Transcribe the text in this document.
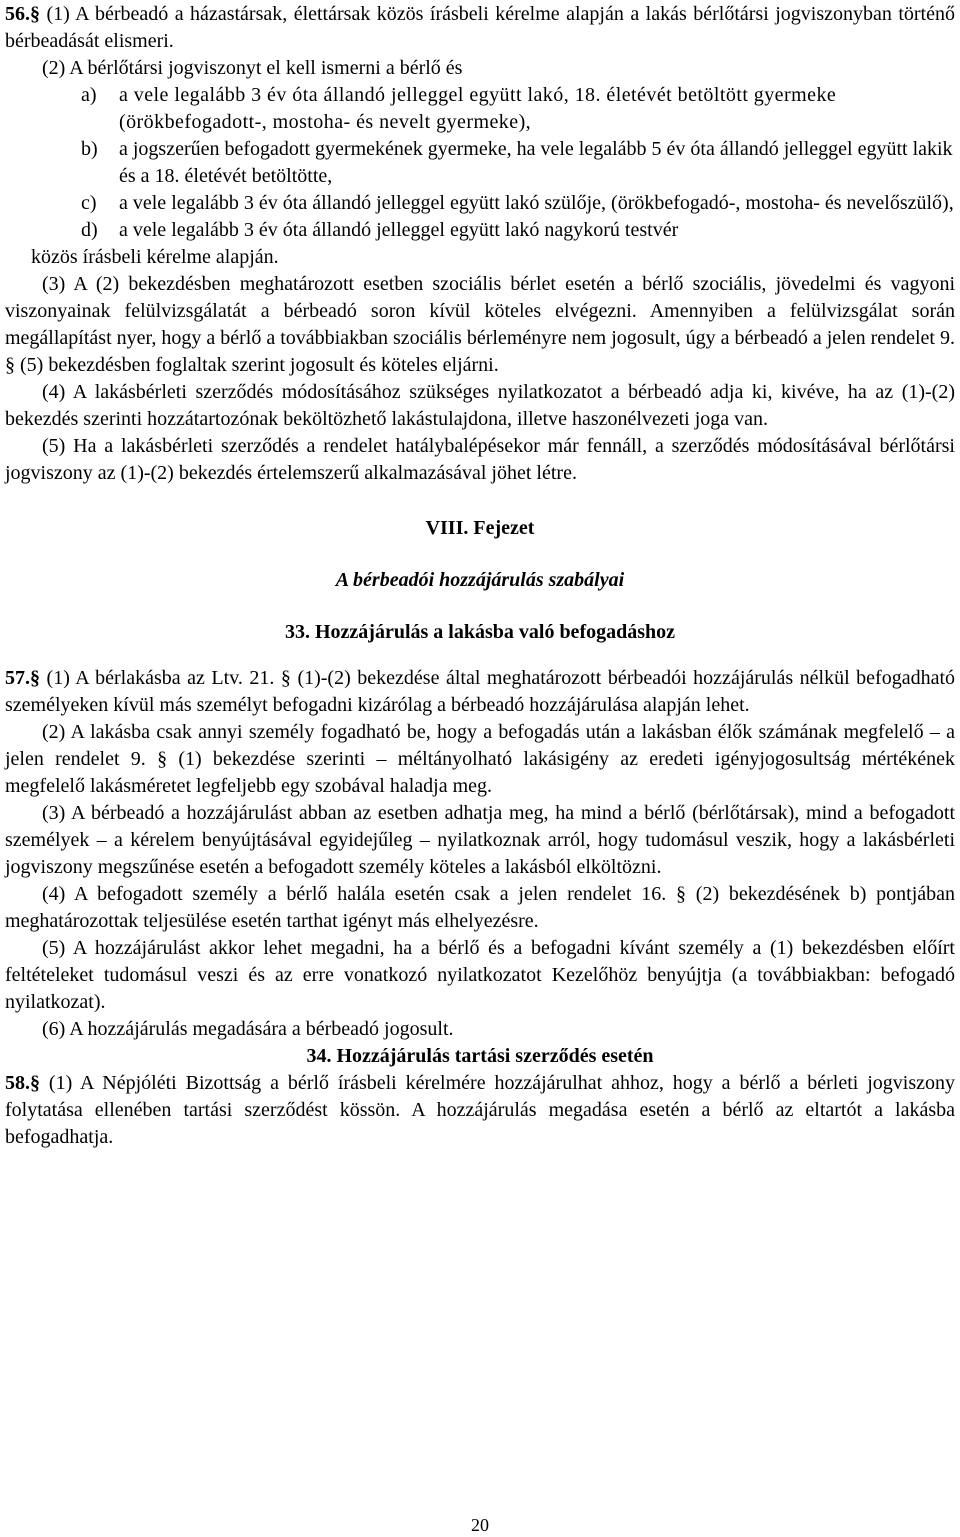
56.§ (1) A bérbeadó a házastársak, élettársak közös írásbeli kérelme alapján a lakás bérlőtársi jogviszonyban történő bérbeadását elismeri.

(2) A bérlőtársi jogviszonyt el kell ismerni a bérlő és

a)	a vele legalább 3 év óta állandó jelleggel együtt lakó, 18. életévét betöltött gyermeke (örökbefogadott-, mostoha- és nevelt gyermeke),
b)	a jogszerűen befogadott gyermekének gyermeke, ha vele legalább 5 év óta állandó jelleggel együtt lakik és a 18. életévét betöltötte,
c)	a vele legalább 3 év óta állandó jelleggel együtt lakó szülője, (örökbefogadó-, mostoha- és nevelőszülő),
d)	a vele legalább 3 év óta állandó jelleggel együtt lakó nagykorú testvér

közös írásbeli kérelme alapján.

(3) A (2) bekezdésben meghatározott esetben szociális bérlet esetén a bérlő szociális, jövedelmi és vagyoni viszonyainak felülvizsgálatát a bérbeadó soron kívül köteles elvégezni. Amennyiben a felülvizsgálat során megállapítást nyer, hogy a bérlő a továbbiakban szociális bérleményre nem jogosult, úgy a bérbeadó a jelen rendelet 9. § (5) bekezdésben foglaltak szerint jogosult és köteles eljárni.

(4) A lakásbérleti szerződés módosításához szükséges nyilatkozatot a bérbeadó adja ki, kivéve, ha az (1)-(2) bekezdés szerinti hozzátartozónak beköltözhető lakástulajdona, illetve haszonélvezeti joga van.

(5) Ha a lakásbérleti szerződés a rendelet hatálybalépésekor már fennáll, a szerződés módosításával bérlőtársi jogviszony az (1)-(2) bekezdés értelemszerű alkalmazásával jöhet létre.

VIII. Fejezet

A bérbeadói hozzájárulás szabályai

33. Hozzájárulás a lakásba való befogadáshoz

57.§ (1) A bérlakásba az Ltv. 21. § (1)-(2) bekezdése által meghatározott bérbeadói hozzájárulás nélkül befogadható személyeken kívül más személyt befogadni kizárólag a bérbeadó hozzájárulása alapján lehet.

(2) A lakásba csak annyi személy fogadható be, hogy a befogadás után a lakásban élők számának megfelelő – a jelen rendelet 9. § (1) bekezdése szerinti – méltányolható lakásigény az eredeti igényjogosultság mértékének megfelelő lakásméretet legfeljebb egy szobával haladja meg.

(3) A bérbeadó a hozzájárulást abban az esetben adhatja meg, ha mind a bérlő (bérlőtársak), mind a befogadott személyek – a kérelem benyújtásával egyidejűleg – nyilatkoznak arról, hogy tudomásul veszik, hogy a lakásbérleti jogviszony megszűnése esetén a befogadott személy köteles a lakásból elköltözni.

(4) A befogadott személy a bérlő halála esetén csak a jelen rendelet 16. § (2) bekezdésének b) pontjában meghatározottak teljesülése esetén tarthat igényt más elhelyezésre.

(5) A hozzájárulást akkor lehet megadni, ha a bérlő és a befogadni kívánt személy a (1) bekezdésben előírt feltételeket tudomásul veszi és az erre vonatkozó nyilatkozatot Kezelőhöz benyújtja (a továbbiakban: befogadó nyilatkozat).

(6) A hozzájárulás megadására a bérbeadó jogosult.

34. Hozzájárulás tartási szerződés esetén

58.§ (1) A Népjóléti Bizottság a bérlő írásbeli kérelmére hozzájárulhat ahhoz, hogy a bérlő a bérleti jogviszony folytatása ellenében tartási szerződést kössön. A hozzájárulás megadása esetén a bérlő az eltartót a lakásba befogadhatja.

20
